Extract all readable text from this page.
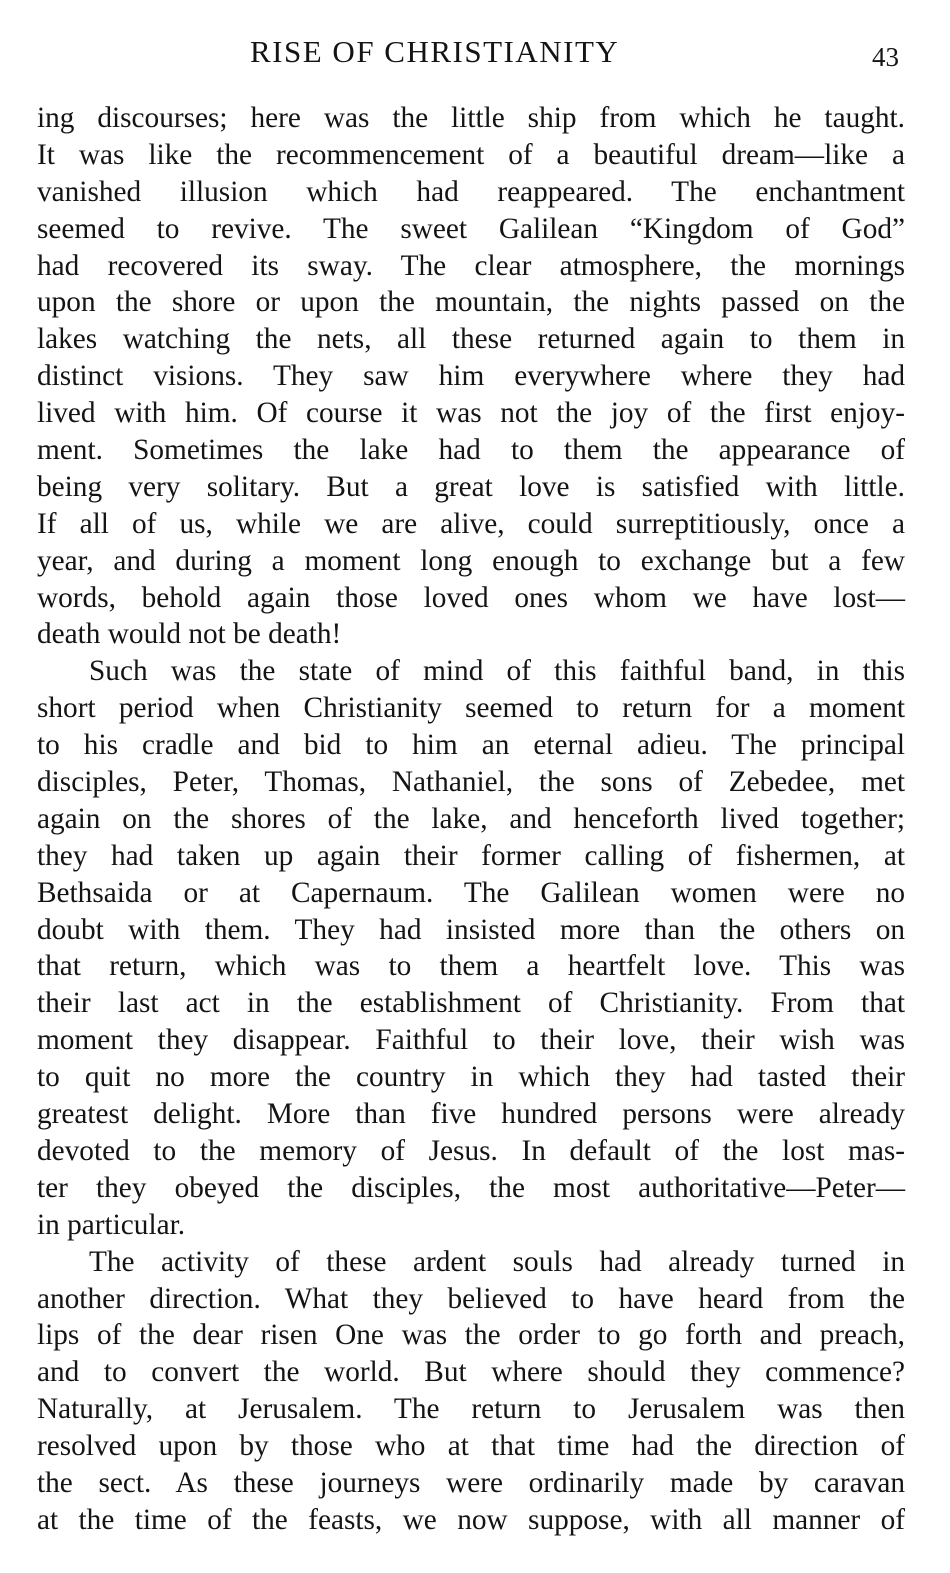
RISE OF CHRISTIANITY	43
ing discourses; here was the little ship from which he taught.
It was like the recommencement of a beautiful dream—like a
vanished illusion which had reappeared. The enchantment
seemed to revive. The sweet Galilean “Kingdom of God”
had recovered its sway. The clear atmosphere, the mornings
upon the shore or upon the mountain, the nights passed on the
lakes watching the nets, all these returned again to them in
distinct visions. They saw him everywhere where they had
lived with him. Of course it was not the joy of the first enjoy-
ment. Sometimes the lake had to them the appearance of
being very solitary. But a great love is satisfied with little.
If all of us, while we are alive, could surreptitiously, once a
year, and during a moment long enough to exchange but a few
words, behold again those loved ones whom we have lost—
death would not be death!
Such was the state of mind of this faithful band, in this
short period when Christianity seemed to return for a moment
to his cradle and bid to him an eternal adieu. The principal
disciples, Peter, Thomas, Nathaniel, the sons of Zebedee, met
again on the shores of the lake, and henceforth lived together;
they had taken up again their former calling of fishermen, at
Bethsaida or at Capernaum. The Galilean women were no
doubt with them. They had insisted more than the others on
that return, which was to them a heartfelt love. This was
their last act in the establishment of Christianity. From that
moment they disappear. Faithful to their love, their wish was
to quit no more the country in which they had tasted their
greatest delight. More than five hundred persons were already
devoted to the memory of Jesus. In default of the lost mas-
ter they obeyed the disciples, the most authoritative—Peter—
in particular.
The activity of these ardent souls had already turned in
another direction. What they believed to have heard from the
lips of the dear risen One was the order to go forth and preach,
and to convert the world. But where should they commence?
Naturally, at Jerusalem. The return to Jerusalem was then
resolved upon by those who at that time had the direction of
the sect. As these journeys were ordinarily made by caravan
at the time of the feasts, we now suppose, with all manner of
